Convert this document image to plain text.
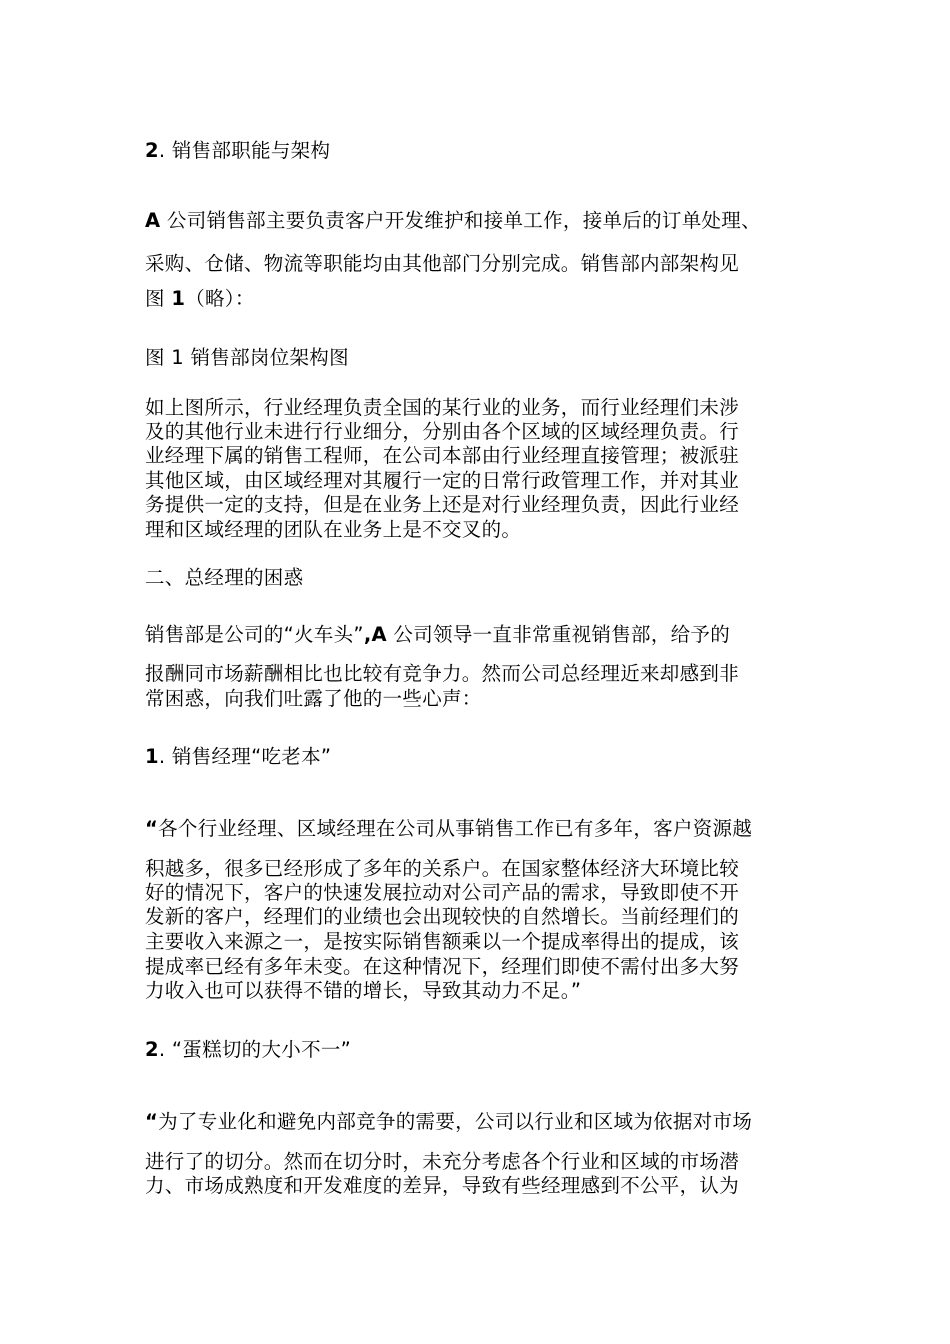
2. 销售部职能与架构
A 公司销售部主要负责客户开发维护和接单工作，接单后的订单处理、
采购、仓储、物流等职能均由其他部门分别完成。销售部内部架构见
图 1（略）：
图 1 销售部岗位架构图
如上图所示，行业经理负责全国的某行业的业务，而行业经理们未涉
及的其他行业未进行行业细分，分别由各个区域的区域经理负责。行
业经理下属的销售工程师，在公司本部由行业经理直接管理；被派驻
其他区域，由区域经理对其履行一定的日常行政管理工作，并对其业
务提供一定的支持，但是在业务上还是对行业经理负责，因此行业经
理和区域经理的团队在业务上是不交叉的。
二、总经理的困惑
销售部是公司的“火车头”,A 公司领导一直非常重视销售部，给予的
报酬同市场薪酬相比也比较有竞争力。然而公司总经理近来却感到非
常困惑，向我们吐露了他的一些心声：
1. 销售经理“吃老本”
“各个行业经理、区域经理在公司从事销售工作已有多年，客户资源越
积越多，很多已经形成了多年的关系户。在国家整体经济大环境比较
好的情况下，客户的快速发展拉动对公司产品的需求，导致即使不开
发新的客户，经理们的业绩也会出现较快的自然增长。当前经理们的
主要收入来源之一，是按实际销售额乘以一个提成率得出的提成，该
提成率已经有多年未变。在这种情况下，经理们即使不需付出多大努
力收入也可以获得不错的增长，导致其动力不足。”
2. “蛋糕切的大小不一”
“为了专业化和避免内部竞争的需要，公司以行业和区域为依据对市场
进行了的切分。然而在切分时，未充分考虑各个行业和区域的市场潜
力、市场成熟度和开发难度的差异，导致有些经理感到不公平，认为
